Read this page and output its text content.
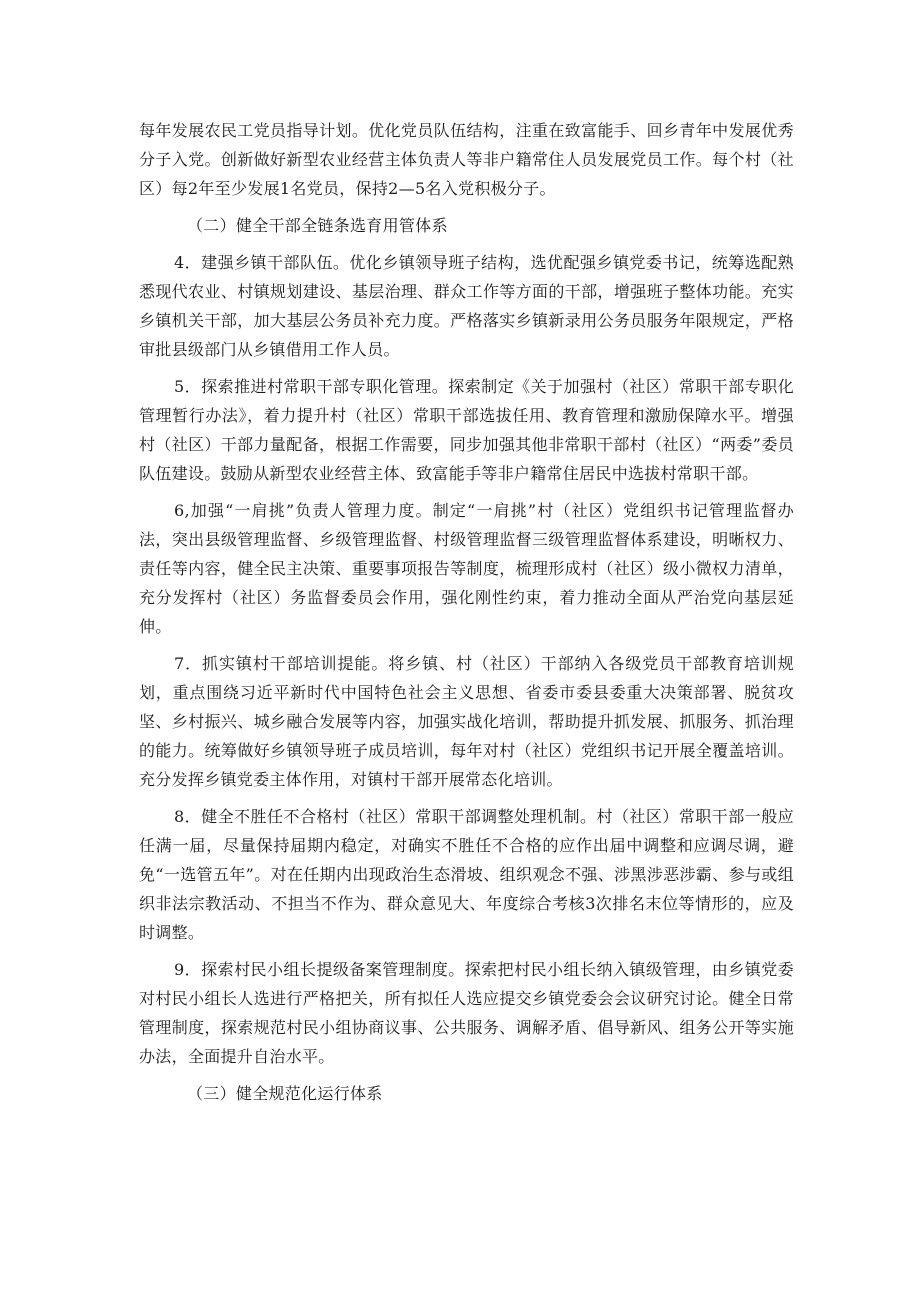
每年发展农民工党员指导计划。优化党员队伍结构，注重在致富能手、回乡青年中发展优秀分子入党。创新做好新型农业经营主体负责人等非户籍常住人员发展党员工作。每个村（社区）每2年至少发展1名党员，保持2—5名入党积极分子。

（二）健全干部全链条选育用管体系

4．建强乡镇干部队伍。优化乡镇领导班子结构，选优配强乡镇党委书记，统筹选配熟悉现代农业、村镇规划建设、基层治理、群众工作等方面的干部，增强班子整体功能。充实乡镇机关干部，加大基层公务员补充力度。严格落实乡镇新录用公务员服务年限规定，严格审批县级部门从乡镇借用工作人员。

5．探索推进村常职干部专职化管理。探索制定《关于加强村（社区）常职干部专职化管理暂行办法》，着力提升村（社区）常职干部选拔任用、教育管理和激励保障水平。增强村（社区）干部力量配备，根据工作需要，同步加强其他非常职干部村（社区）“两委”委员队伍建设。鼓励从新型农业经营主体、致富能手等非户籍常住居民中选拔村常职干部。

6,加强“一肩挑”负责人管理力度。制定“一肩挑”村（社区）党组织书记管理监督办法，突出县级管理监督、乡级管理监督、村级管理监督三级管理监督体系建设，明晰权力、责任等内容，健全民主决策、重要事项报告等制度，梳理形成村（社区）级小微权力清单，充分发挥村（社区）务监督委员会作用，强化刚性约束，着力推动全面从严治党向基层延伸。

7．抓实镇村干部培训提能。将乡镇、村（社区）干部纳入各级党员干部教育培训规划，重点围绕习近平新时代中国特色社会主义思想、省委市委县委重大决策部署、脱贫攻坚、乡村振兴、城乡融合发展等内容，加强实战化培训，帮助提升抓发展、抓服务、抓治理的能力。统筹做好乡镇领导班子成员培训，每年对村（社区）党组织书记开展全覆盖培训。充分发挥乡镇党委主体作用，对镇村干部开展常态化培训。

8．健全不胜任不合格村（社区）常职干部调整处理机制。村（社区）常职干部一般应任满一届，尽量保持届期内稳定，对确实不胜任不合格的应作出届中调整和应调尽调，避免“一选管五年”。对在任期内出现政治生态滑坡、组织观念不强、涉黑涉恶涉霸、参与或组织非法宗教活动、不担当不作为、群众意见大、年度综合考核3次排名末位等情形的，应及时调整。

9．探索村民小组长提级备案管理制度。探索把村民小组长纳入镇级管理，由乡镇党委对村民小组长人选进行严格把关，所有拟任人选应提交乡镇党委会会议研究讨论。健全日常管理制度，探索规范村民小组协商议事、公共服务、调解矛盾、倡导新风、组务公开等实施办法，全面提升自治水平。

（三）健全规范化运行体系
